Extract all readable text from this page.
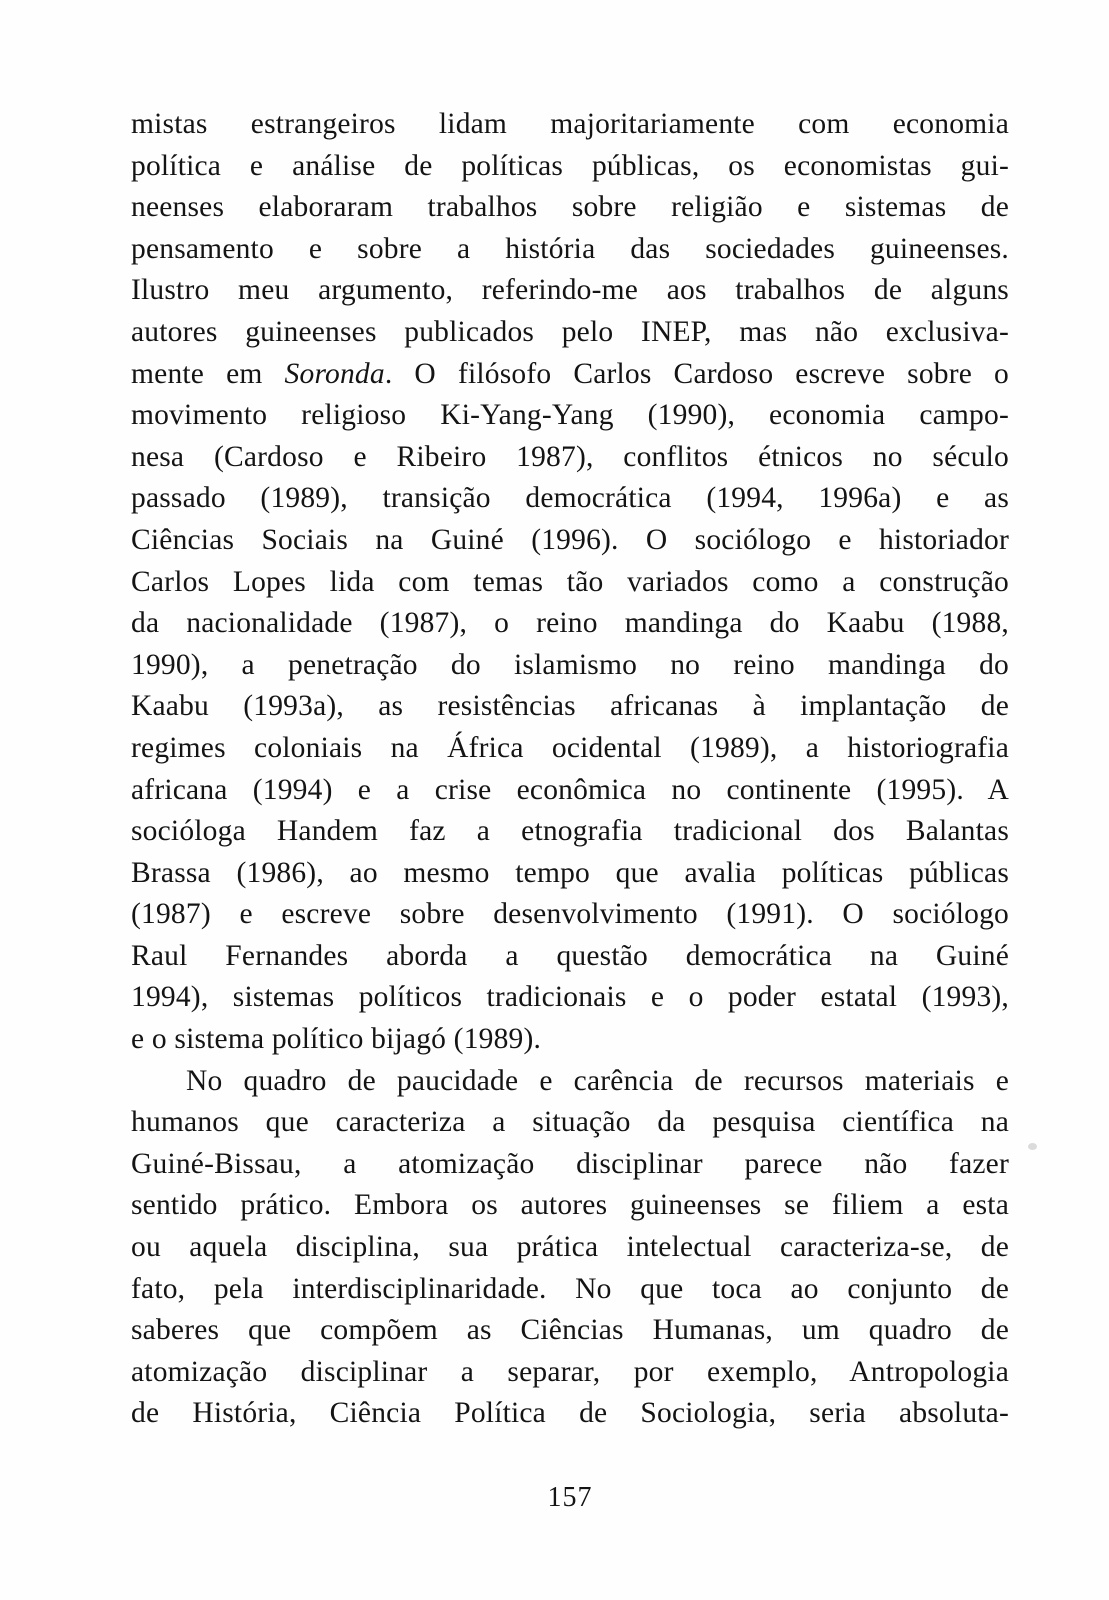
mistas estrangeiros lidam majoritariamente com economia
política e análise de políticas públicas, os economistas gui-
neenses elaboraram trabalhos sobre religião e sistemas de
pensamento e sobre a história das sociedades guineenses.
Ilustro meu argumento, referindo-me aos trabalhos de alguns
autores guineenses publicados pelo INEP, mas não exclusiva-
mente em Soronda. O filósofo Carlos Cardoso escreve sobre o
movimento religioso Ki-Yang-Yang (1990), economia campo-
nesa (Cardoso e Ribeiro 1987), conflitos étnicos no século
passado (1989), transição democrática (1994, 1996a) e as
Ciências Sociais na Guiné (1996). O sociólogo e historiador
Carlos Lopes lida com temas tão variados como a construção
da nacionalidade (1987), o reino mandinga do Kaabu (1988,
1990), a penetração do islamismo no reino mandinga do
Kaabu (1993a), as resistências africanas à implantação de
regimes coloniais na África ocidental (1989), a historiografia
africana (1994) e a crise econômica no continente (1995). A
socióloga Handem faz a etnografia tradicional dos Balantas
Brassa (1986), ao mesmo tempo que avalia políticas públicas
(1987) e escreve sobre desenvolvimento (1991). O sociólogo
Raul Fernandes aborda a questão democrática na Guiné
1994), sistemas políticos tradicionais e o poder estatal (1993),
e o sistema político bijagó (1989).
No quadro de paucidade e carência de recursos materiais e
humanos que caracteriza a situação da pesquisa científica na
Guiné-Bissau, a atomização disciplinar parece não fazer
sentido prático. Embora os autores guineenses se filiem a esta
ou aquela disciplina, sua prática intelectual caracteriza-se, de
fato, pela interdisciplinaridade. No que toca ao conjunto de
saberes que compõem as Ciências Humanas, um quadro de
atomização disciplinar a separar, por exemplo, Antropologia
de História, Ciência Política de Sociologia, seria absoluta-
157
